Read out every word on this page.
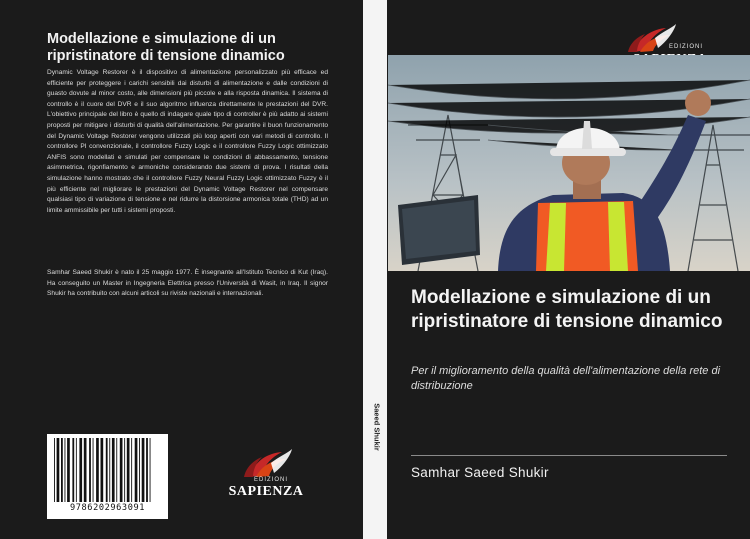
Modellazione e simulazione di un ripristinatore di tensione dinamico

Dynamic Voltage Restorer è il dispositivo di alimentazione personalizzato più efficace ed efficiente per proteggere i carichi sensibili dai disturbi di alimentazione e dalle condizioni di guasto dovute al minor costo, alle dimensioni più piccole e alla risposta dinamica. Il sistema di controllo è il cuore del DVR e il suo algoritmo influenza direttamente le prestazioni del DVR. L'obiettivo principale del libro è quello di indagare quale tipo di controller è più adatto ai sistemi proposti per mitigare i disturbi di qualità dell'alimentazione. Per garantire il buon funzionamento del Dynamic Voltage Restorer vengono utilizzati più loop aperti con vari metodi di controllo. Il controllore PI convenzionale, il controllore Fuzzy Logic e il controllore Fuzzy Logic ottimizzato ANFIS sono modellati e simulati per compensare le condizioni di abbassamento, tensione asimmetrica, rigonfiamento e armoniche considerando due sistemi di prova. I risultati della simulazione hanno mostrato che il controllore Fuzzy Neural Fuzzy Logic ottimizzato Fuzzy è il più efficiente nel migliorare le prestazioni del Dynamic Voltage Restorer nel compensare qualsiasi tipo di variazione di tensione e nel ridurre la distorsione armonica totale (THD) ad un limite ammissibile per tutti i sistemi proposti.

Samhar Saeed Shukir è nato il 25 maggio 1977. È insegnante all'Istituto Tecnico di Kut (Iraq). Ha conseguito un Master in Ingegneria Elettrica presso l'Università di Wasit, in Iraq. Il signor Shukir ha contribuito con alcuni articoli su riviste nazionali e internazionali.

9786202963091
EDIZIONI
SAPIENZA
Saeed Shukir
EDIZIONI
Modellazione e simulazione di un ripristinatore di tensione dinamico

Per il miglioramento della qualità dell'alimentazione della rete di distribuzione

Samhar Saeed Shukir
